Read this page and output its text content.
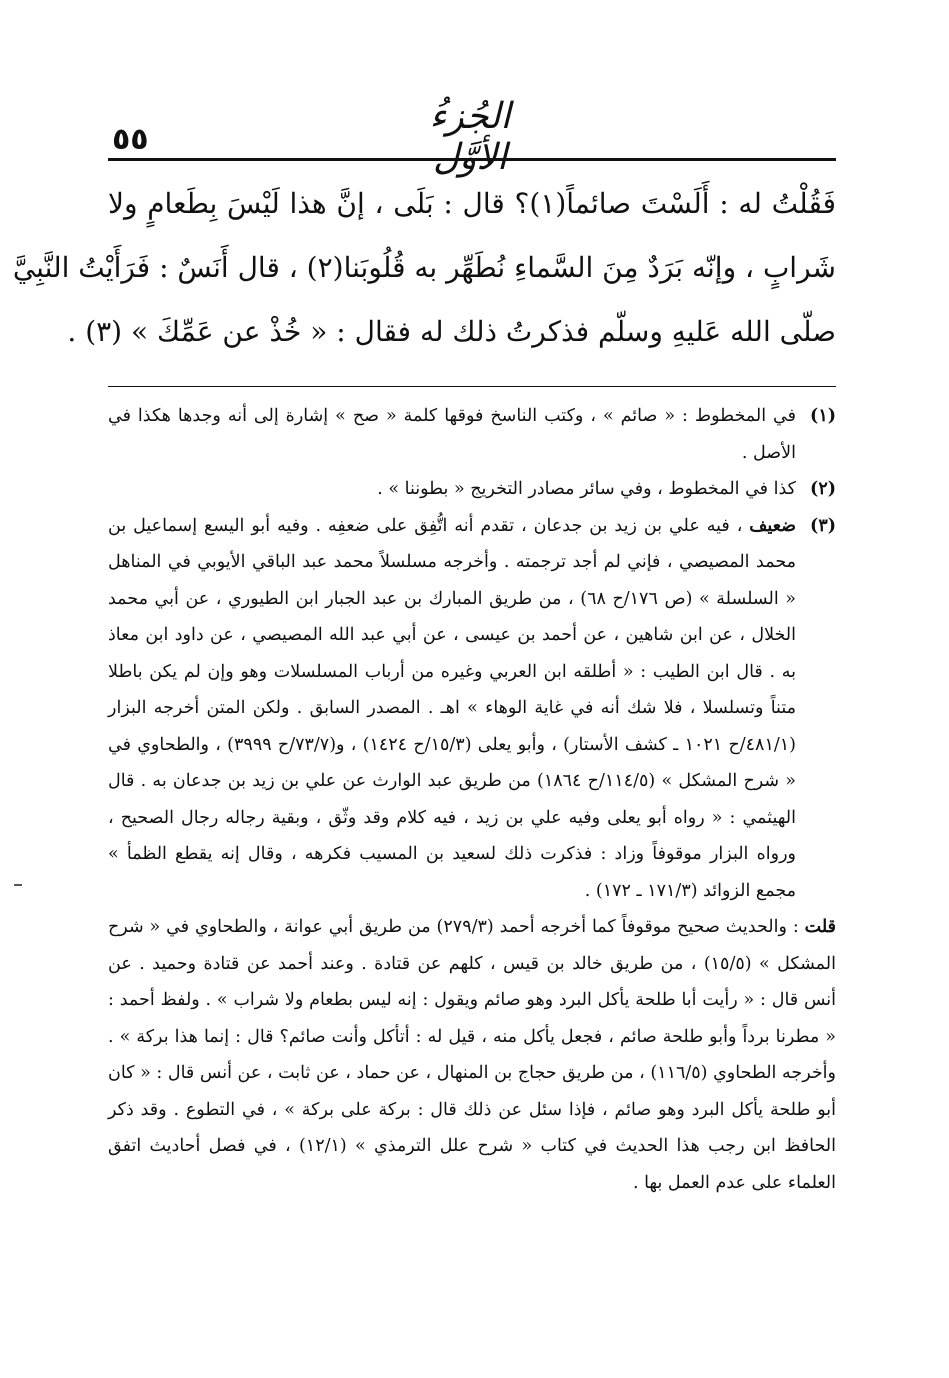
٥٥
الجُزءُ الأوَّل

فَقُلْتُ له : أَلَسْتَ صائماً(١)؟ قال : بَلَى ، إنَّ هذا لَيْسَ بِطَعامٍ ولا
شَرابٍ ، وإنّه بَرَدٌ مِنَ السَّماءِ نُطَهِّر به قُلُوبَنا(٢) ، قال أَنَسٌ : فَرَأَيْتُ النَّبِيَّ
صلّى الله عَليهِ وسلّم فذكرتُ ذلك له فقال : « خُذْ عن عَمِّكَ » (٣) .

(١)
في المخطوط : « صائم » ، وكتب الناسخ فوقها كلمة « صح » إشارة إلى أنه وجدها هكذا في الأصل .
(٢)
كذا في المخطوط ، وفي سائر مصادر التخريج « بطوننا » .
(٣)
ضعيف ، فيه علي بن زيد بن جدعان ، تقدم أنه اتُّفِق على ضعفِه . وفيه أبو اليسع إسماعيل بن محمد المصيصي ، فإني لم أجد ترجمته . وأخرجه مسلسلاً محمد عبد الباقي الأيوبي في المناهل « السلسلة » (ص ١٧٦/ح ٦٨) ، من طريق المبارك بن عبد الجبار ابن الطيوري ، عن أبي محمد الخلال ، عن ابن شاهين ، عن أحمد بن عيسى ، عن أبي عبد الله المصيصي ، عن داود ابن معاذ به . قال ابن الطيب : « أطلقه ابن العربي وغيره من أرباب المسلسلات وهو وإن لم يكن باطلا متناً وتسلسلا ، فلا شك أنه في غاية الوهاء » اهـ . المصدر السابق . ولكن المتن أخرجه البزار (٤٨١/١/ح ١٠٢١ ـ كشف الأستار) ، وأبو يعلى (١٥/٣/ح ١٤٢٤) ، و(٧٣/٧/ح ٣٩٩٩) ، والطحاوي في « شرح المشكل » (١١٤/٥/ح ١٨٦٤) من طريق عبد الوارث عن علي بن زيد بن جدعان به . قال الهيثمي : « رواه أبو يعلى وفيه علي بن زيد ، فيه كلام وقد وثّق ، وبقية رجاله رجال الصحيح ، ورواه البزار موقوفاً وزاد : فذكرت ذلك لسعيد بن المسيب فكرهه ، وقال إنه يقطع الظمأ » مجمع الزوائد (١٧١/٣ ـ ١٧٢) .

قلت : والحديث صحيح موقوفاً كما أخرجه أحمد (٢٧٩/٣) من طريق أبي عوانة ، والطحاوي في « شرح المشكل » (١٥/٥) ، من طريق خالد بن قيس ، كلهم عن قتادة . وعند أحمد عن قتادة وحميد . عن أنس قال : « رأيت أبا طلحة يأكل البرد وهو صائم ويقول : إنه ليس بطعام ولا شراب » . ولفظ أحمد : « مطرنا برداً وأبو طلحة صائم ، فجعل يأكل منه ، قيل له : أتأكل وأنت صائم؟ قال : إنما هذا بركة » . وأخرجه الطحاوي (١١٦/٥) ، من طريق حجاج بن المنهال ، عن حماد ، عن ثابت ، عن أنس قال : « كان أبو طلحة يأكل البرد وهو صائم ، فإذا سئل عن ذلك قال : بركة على بركة » ، في التطوع . وقد ذكر الحافظ ابن رجب هذا الحديث في كتاب « شرح علل الترمذي » (١٢/١) ، في فصل أحاديث اتفق العلماء على عدم العمل بها .
